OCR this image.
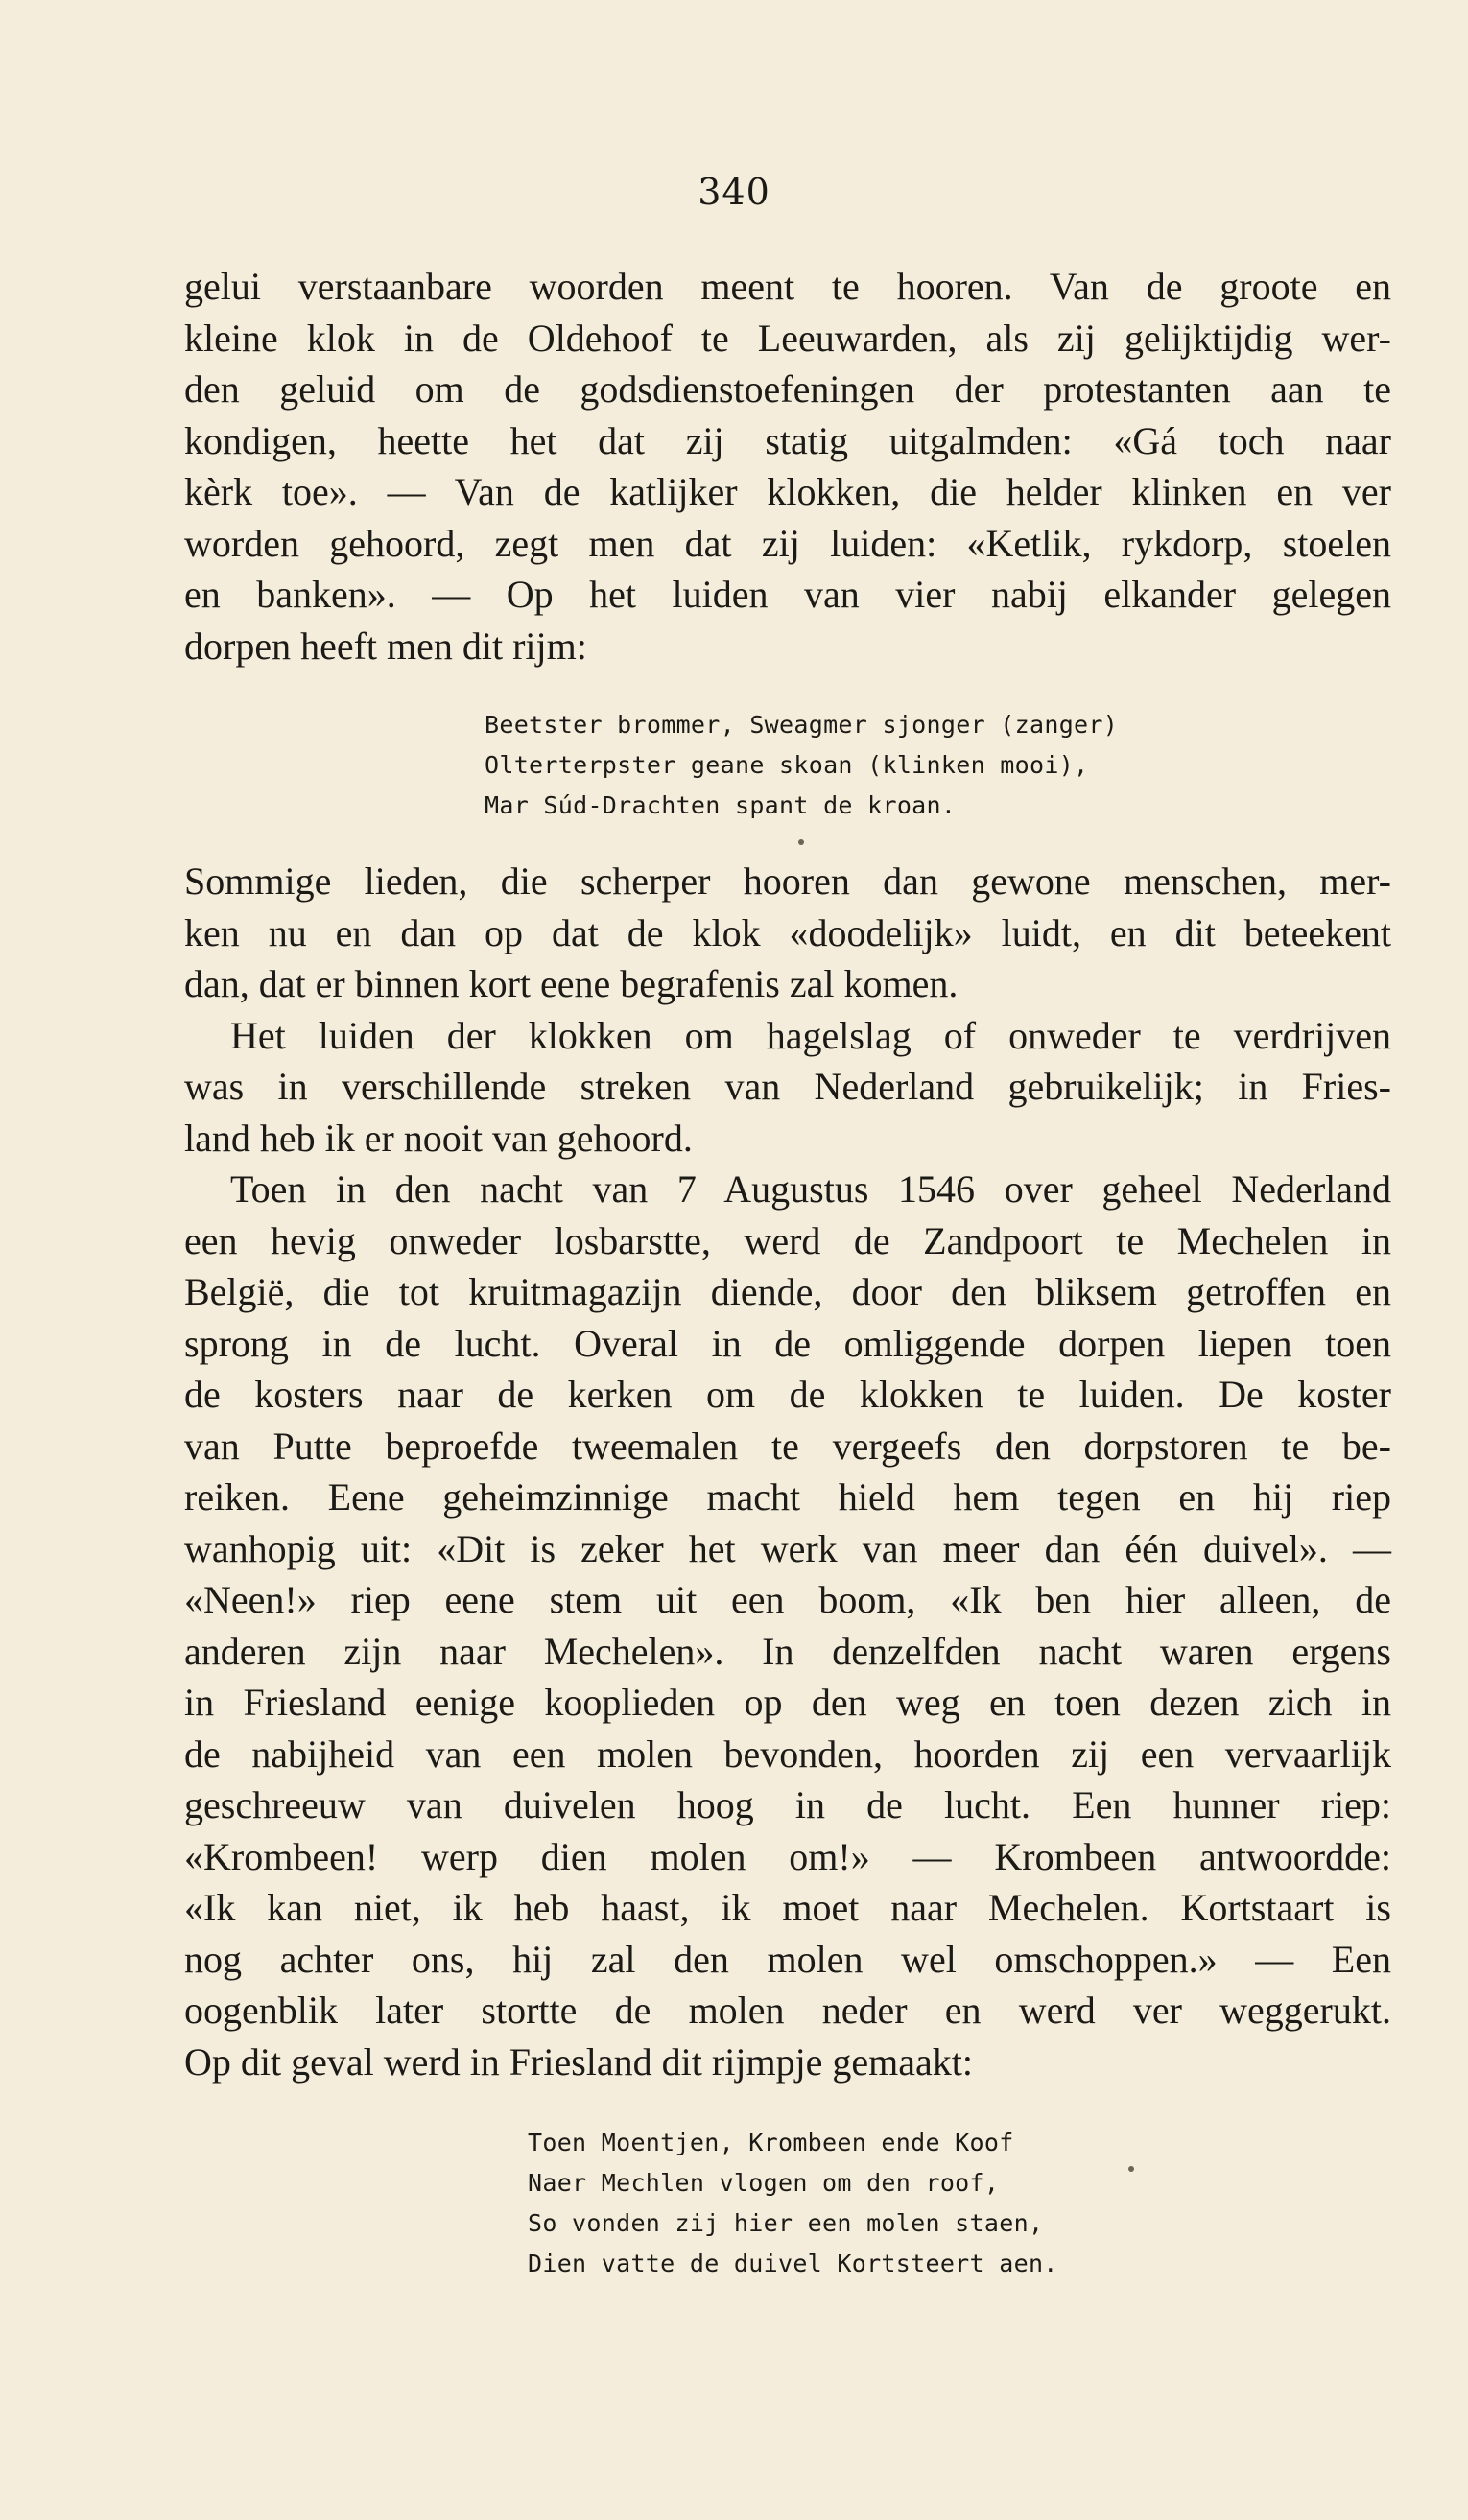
340
gelui verstaanbare woorden meent te hooren. Van de groote en
kleine klok in de Oldehoof te Leeuwarden, als zij gelijktijdig wer-
den geluid om de godsdienstoefeningen der protestanten aan te
kondigen, heette het dat zij statig uitgalmden: «Gá toch naar
kèrk toe». — Van de katlijker klokken, die helder klinken en ver
worden gehoord, zegt men dat zij luiden: «Ketlik, rykdorp, stoelen
en banken». — Op het luiden van vier nabij elkander gelegen
dorpen heeft men dit rijm:
Beetster brommer, Sweagmer sjonger (zanger)
Olterterpster geane skoan (klinken mooi),
Mar Súd-Drachten spant de kroan.
Sommige lieden, die scherper hooren dan gewone menschen, mer-
ken nu en dan op dat de klok «doodelijk» luidt, en dit beteekent
dan, dat er binnen kort eene begrafenis zal komen.
Het luiden der klokken om hagelslag of onweder te verdrijven
was in verschillende streken van Nederland gebruikelijk; in Fries-
land heb ik er nooit van gehoord.
Toen in den nacht van 7 Augustus 1546 over geheel Nederland
een hevig onweder losbarstte, werd de Zandpoort te Mechelen in
België, die tot kruitmagazijn diende, door den bliksem getroffen en
sprong in de lucht. Overal in de omliggende dorpen liepen toen
de kosters naar de kerken om de klokken te luiden. De koster
van Putte beproefde tweemalen te vergeefs den dorpstoren te be-
reiken. Eene geheimzinnige macht hield hem tegen en hij riep
wanhopig uit: «Dit is zeker het werk van meer dan één duivel». —
«Neen!» riep eene stem uit een boom, «Ik ben hier alleen, de
anderen zijn naar Mechelen». In denzelfden nacht waren ergens
in Friesland eenige kooplieden op den weg en toen dezen zich in
de nabijheid van een molen bevonden, hoorden zij een vervaarlijk
geschreeuw van duivelen hoog in de lucht. Een hunner riep:
«Krombeen! werp dien molen om!» — Krombeen antwoordde:
«Ik kan niet, ik heb haast, ik moet naar Mechelen. Kortstaart is
nog achter ons, hij zal den molen wel omschoppen.» — Een
oogenblik later stortte de molen neder en werd ver weggerukt.
Op dit geval werd in Friesland dit rijmpje gemaakt:
Toen Moentjen, Krombeen ende Koof
Naer Mechlen vlogen om den roof,
So vonden zij hier een molen staen,
Dien vatte de duivel Kortsteert aen.
